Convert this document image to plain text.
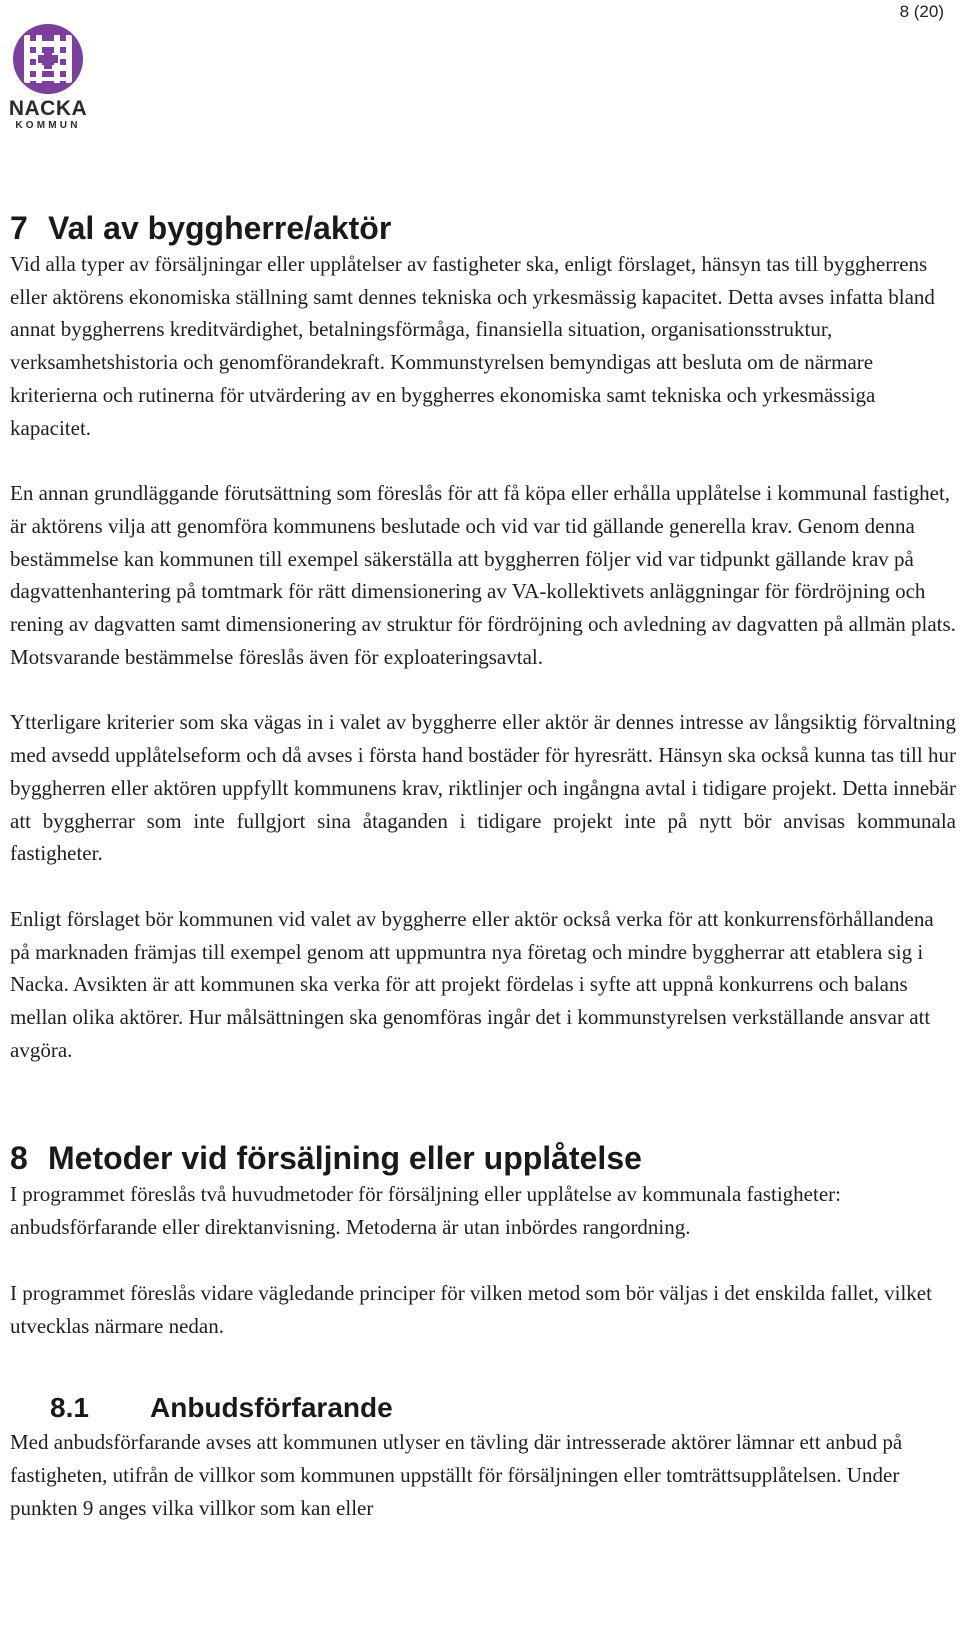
8 (20)
NACKA
KOMMUN
7 Val av byggherre/aktör

Vid alla typer av försäljningar eller upplåtelser av fastigheter ska, enligt förslaget, hänsyn tas till byggherrens eller aktörens ekonomiska ställning samt dennes tekniska och yrkesmässig kapacitet. Detta avses infatta bland annat byggherrens kreditvärdighet, betalningsförmåga, finansiella situation, organisationsstruktur, verksamhetshistoria och genomförandekraft. Kommunstyrelsen bemyndigas att besluta om de närmare kriterierna och rutinerna för utvärdering av en byggherres ekonomiska samt tekniska och yrkesmässiga kapacitet.

En annan grundläggande förutsättning som föreslås för att få köpa eller erhålla upplåtelse i kommunal fastighet, är aktörens vilja att genomföra kommunens beslutade och vid var tid gällande generella krav. Genom denna bestämmelse kan kommunen till exempel säkerställa att byggherren följer vid var tidpunkt gällande krav på dagvattenhantering på tomtmark för rätt dimensionering av VA-kollektivets anläggningar för fördröjning och rening av dagvatten samt dimensionering av struktur för fördröjning och avledning av dagvatten på allmän plats. Motsvarande bestämmelse föreslås även för exploateringsavtal.

Ytterligare kriterier som ska vägas in i valet av byggherre eller aktör är dennes intresse av långsiktig förvaltning med avsedd upplåtelseform och då avses i första hand bostäder för hyresrätt. Hänsyn ska också kunna tas till hur byggherren eller aktören uppfyllt kommunens krav, riktlinjer och ingångna avtal i tidigare projekt. Detta innebär att byggherrar som inte fullgjort sina åtaganden i tidigare projekt inte på nytt bör anvisas kommunala fastigheter.

Enligt förslaget bör kommunen vid valet av byggherre eller aktör också verka för att konkurrensförhållandena på marknaden främjas till exempel genom att uppmuntra nya företag och mindre byggherrar att etablera sig i Nacka. Avsikten är att kommunen ska verka för att projekt fördelas i syfte att uppnå konkurrens och balans mellan olika aktörer. Hur målsättningen ska genomföras ingår det i kommunstyrelsen verkställande ansvar att avgöra.

8 Metoder vid försäljning eller upplåtelse

I programmet föreslås två huvudmetoder för försäljning eller upplåtelse av kommunala fastigheter: anbudsförfarande eller direktanvisning. Metoderna är utan inbördes rangordning.

I programmet föreslås vidare vägledande principer för vilken metod som bör väljas i det enskilda fallet, vilket utvecklas närmare nedan.

8.1 Anbudsförfarande

Med anbudsförfarande avses att kommunen utlyser en tävling där intresserade aktörer lämnar ett anbud på fastigheten, utifrån de villkor som kommunen uppställt för försäljningen eller tomträttsupplåtelsen. Under punkten 9 anges vilka villkor som kan eller
